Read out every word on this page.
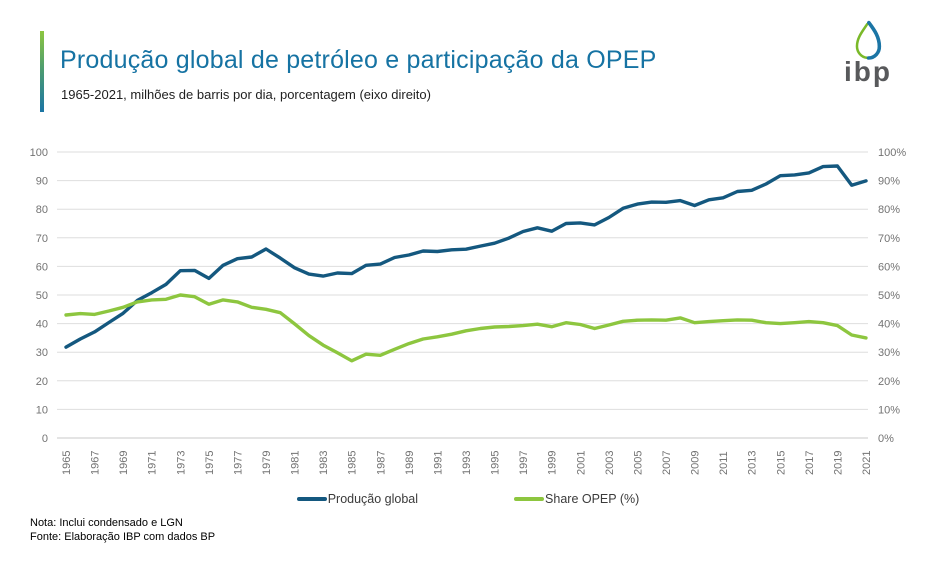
Produção global de petróleo e participação da OPEP
1965-2021, milhões de barris por dia, porcentagem (eixo direito)
ibp
0
10
20
30
40
50
60
70
80
90
100
0%
10%
20%
30%
40%
50%
60%
70%
80%
90%
100%
1965 1967 1969 1971 1973 1975 1977 1979 1981 1983 1985 1987 1989 1991 1993 1995 1997 1999 2001 2003 2005 2007 2009 2011 2013 2015 2017 2019 2021
Produção global	Share OPEP (%)
Nota: Inclui condensado e LGN
Fonte: Elaboração IBP com dados BP
